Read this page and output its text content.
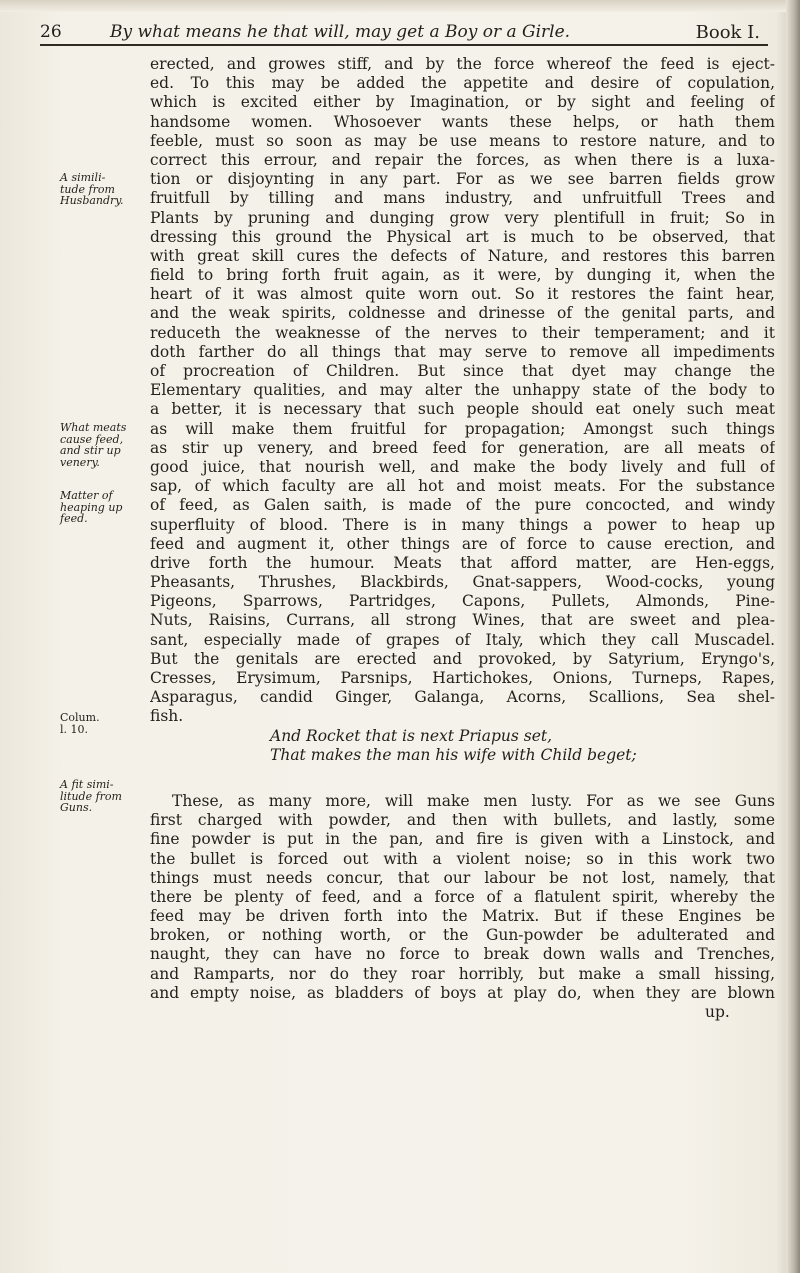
26	By what means he that will, may get a Boy or a Girle.	Book I.
A simili-
tude from
Husbandry.
What meats
cause feed,
and stir up
venery.
Matter of
heaping up
feed.
Colum.
l. 10.
A fit simi-
litude from
Guns.
erected, and growes stiff, and by the force whereof the feed is eject-
ed. To this may be added the appetite and desire of copulation,
which is excited either by Imagination, or by sight and feeling of
handsome women. Whosoever wants these helps, or hath them
feeble, must so soon as may be use means to restore nature, and to
correct this errour, and repair the forces, as when there is a luxa-
tion or disjoynting in any part. For as we see barren fields grow
fruitfull by tilling and mans industry, and unfruitfull Trees and
Plants by pruning and dunging grow very plentifull in fruit; So in
dressing this ground the Physical art is much to be observed, that
with great skill cures the defects of Nature, and restores this barren
field to bring forth fruit again, as it were, by dunging it, when the
heart of it was almost quite worn out. So it restores the faint hear,
and the weak spirits, coldnesse and drinesse of the genital parts, and
reduceth the weaknesse of the nerves to their temperament; and it
doth farther do all things that may serve to remove all impediments
of procreation of Children. But since that dyet may change the
Elementary qualities, and may alter the unhappy state of the body to
a better, it is necessary that such people should eat onely such meat
as will make them fruitful for propagation; Amongst such things
as stir up venery, and breed feed for generation, are all meats of
good juice, that nourish well, and make the body lively and full of
sap, of which faculty are all hot and moist meats. For the substance
of feed, as Galen saith, is made of the pure concocted, and windy
superfluity of blood. There is in many things a power to heap up
feed and augment it, other things are of force to cause erection, and
drive forth the humour. Meats that afford matter, are Hen-eggs,
Pheasants, Thrushes, Blackbirds, Gnat-sappers, Wood-cocks, young
Pigeons, Sparrows, Partridges, Capons, Pullets, Almonds, Pine-
Nuts, Raisins, Currans, all strong Wines, that are sweet and plea-
sant, especially made of grapes of Italy, which they call Muscadel.
But the genitals are erected and provoked, by Satyrium, Eryngo's,
Cresses, Erysimum, Parsnips, Hartichokes, Onions, Turneps, Rapes,
Asparagus, candid Ginger, Galanga, Acorns, Scallions, Sea shel-
fish.
And Rocket that is next Priapus set,
That makes the man his wife with Child beget;
These, as many more, will make men lusty. For as we see Guns
first charged with powder, and then with bullets, and lastly, some
fine powder is put in the pan, and fire is given with a Linstock, and
the bullet is forced out with a violent noise; so in this work two
things must needs concur, that our labour be not lost, namely, that
there be plenty of feed, and a force of a flatulent spirit, whereby the
feed may be driven forth into the Matrix. But if these Engines be
broken, or nothing worth, or the Gun-powder be adulterated and
naught, they can have no force to break down walls and Trenches,
and Ramparts, nor do they roar horribly, but make a small hissing,
and empty noise, as bladders of boys at play do, when they are blown
up.
